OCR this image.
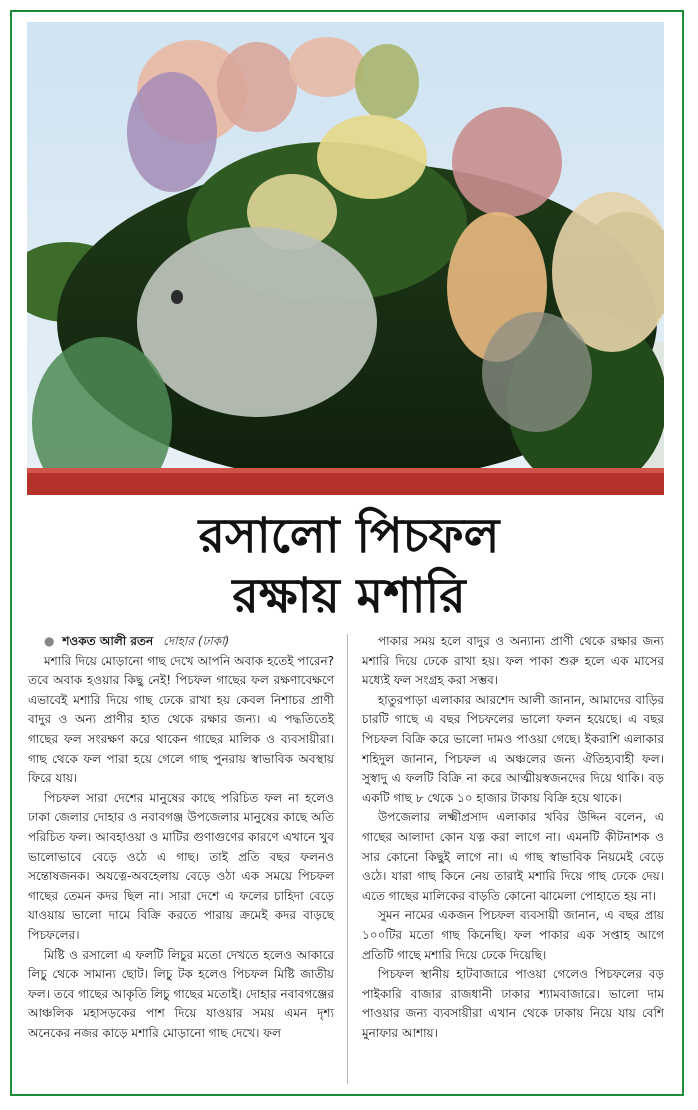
রসালো পিচফল
রক্ষায় মশারি

● শওকত আলী রতন দোহার (ঢাকা)

মশারি দিয়ে মোড়ানো গাছ দেখে আপনি অবাক হতেই পারেন? তবে অবাক হওয়ার কিছু নেই! পিচফল গাছের ফল রক্ষণাবেক্ষণে এভাবেই মশারি দিয়ে গাছ ঢেকে রাখা হয় কেবল নিশাচর প্রাণী বাদুর ও অন্য প্রাণীর হাত থেকে রক্ষার জন্য। এ পদ্ধতিতেই গাছের ফল সংরক্ষণ করে থাকেন গাছের মালিক ও ব্যবসায়ীরা। গাছ থেকে ফল পারা হয়ে গেলে গাছ পুনরায় স্বাভাবিক অবস্থায় ফিরে যায়।

পিচফল সারা দেশের মানুষের কাছে পরিচিত ফল না হলেও ঢাকা জেলার দোহার ও নবাবগঞ্জ উপজেলার মানুষের কাছে অতি পরিচিত ফল। আবহাওয়া ও মাটির গুণাগুণের কারণে এখানে খুব ভালোভাবে বেড়ে ওঠে এ গাছ। তাই প্রতি বছর ফলনও সন্তোষজনক। অযত্নে-অবহেলায় বেড়ে ওঠা এক সময়ে পিচফল গাছের তেমন কদর ছিল না। সারা দেশে এ ফলের চাহিদা বেড়ে যাওয়ায় ভালো দামে বিক্রি করতে পারায় ক্রমেই কদর বাড়ছে পিচফলের।

মিষ্টি ও রসালো এ ফলটি লিচুর মতো দেখতে হলেও আকারে লিচু থেকে সামান্য ছোট। লিচু টক হলেও পিচফল মিষ্টি জাতীয় ফল। তবে গাছের আকৃতি লিচু গাছের মতোই। দোহার নবাবগঞ্জের আঞ্চলিক মহাসড়কের পাশ দিয়ে যাওয়ার সময় এমন দৃশ্য অনেকের নজর কাড়ে মশারি মোড়ানো গাছ দেখে। ফল

পাকার সময় হলে বাদুর ও অন্যান্য প্রাণী থেকে রক্ষার জন্য মশারি দিয়ে ঢেকে রাখা হয়। ফল পাকা শুরু হলে এক মাসের মধ্যেই ফল সংগ্রহ করা সম্ভব।

হাতুরপাড়া এলাকার আরশেদ আলী জানান, আমাদের বাড়ির চারটি গাছে এ বছর পিচফলের ভালো ফলন হয়েছে। এ বছর পিচফল বিক্রি করে ভালো দামও পাওয়া গেছে। ইকরাশি এলাকার শহিদুল জানান, পিচফল এ অঞ্চলের জন্য ঐতিহ্যবাহী ফল। সুস্বাদু এ ফলটি বিক্রি না করে আত্মীয়স্বজনদের দিয়ে থাকি। বড় একটি গাছ ৮ থেকে ১০ হাজার টাকায় বিক্রি হয়ে থাকে।

উপজেলার লক্ষ্মীপ্রসাদ এলাকার খবির উদ্দিন বলেন, এ গাছের আলাদা কোন যত্ন করা লাগে না। এমনটি কীটনাশক ও সার কোনো কিছুই লাগে না। এ গাছ স্বাভাবিক নিয়মেই বেড়ে ওঠে। যারা গাছ কিনে নেয় তারাই মশারি দিয়ে গাছ ঢেকে দেয়। এতে গাছের মালিকের বাড়তি কোনো ঝামেলা পোহাতে হয় না।

সুমন নামের একজন পিচফল ব্যবসায়ী জানান, এ বছর প্রায় ১০০টির মতো গাছ কিনেছি। ফল পাকার এক সপ্তাহ আগে প্রতিটি গাছে মশারি দিয়ে ঢেকে দিয়েছি।

পিচফল স্থানীয় হাটবাজারে পাওয়া গেলেও পিচফলের বড় পাইকারি বাজার রাজধানী ঢাকার শ্যামবাজারে। ভালো দাম পাওয়ার জন্য ব্যবসায়ীরা এখান থেকে ঢাকায় নিয়ে যায় বেশি মুনাফার আশায়।
